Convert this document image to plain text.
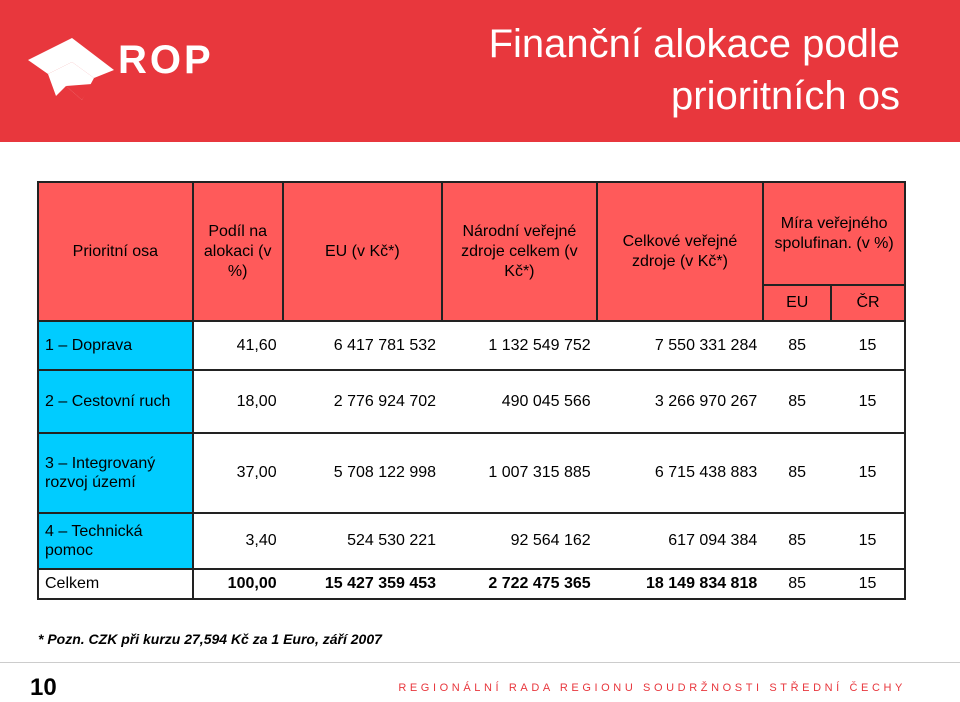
ROP	Finanční alokace podle
prioritních os
Prioritní osa	Podíl na alokaci (v %)	EU (v Kč*)	Národní veřejné zdroje celkem (v Kč*)	Celkové veřejné zdroje (v Kč*)	Míra veřejného spolufinan. (v %)	
					EU	ČR
1 – Doprava	41,60	6 417 781 532	1 132 549 752	7 550 331 284	85	15
2 – Cestovní ruch	18,00	2 776 924 702	490 045 566	3 266 970 267	85	15
3 – Integrovaný rozvoj území	37,00	5 708 122 998	1 007 315 885	6 715 438 883	85	15
4 – Technická pomoc	3,40	524 530 221	92 564 162	617 094 384	85	15
Celkem	100,00	15 427 359 453	2 722 475 365	18 149 834 818	85	15
* Pozn. CZK při kurzu 27,594 Kč za 1 Euro, září 2007
10	REGIONÁLNÍ RADA REGIONU SOUDRŽNOSTI STŘEDNÍ ČECHY
